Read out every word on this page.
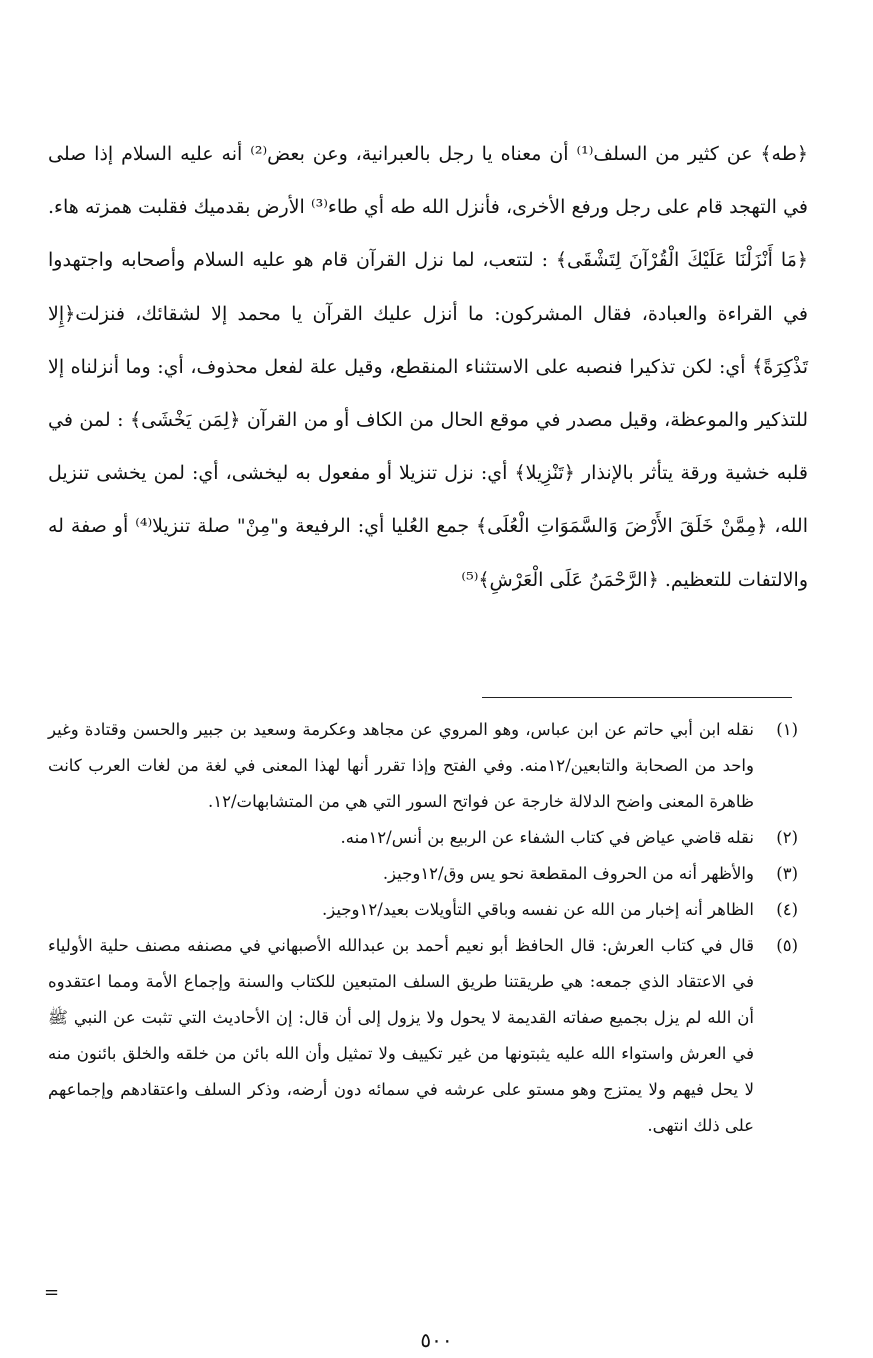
﴿طه﴾ عن كثير من السلف⁽¹⁾ أن معناه يا رجل بالعبرانية، وعن بعض⁽²⁾ أنه عليه السلام إذا صلى في التهجد قام على رجل ورفع الأخرى، فأنزل الله طه أي طاء⁽³⁾ الأرض بقدميك فقلبت همزته هاء. ﴿مَا أَنْزَلْنَا عَلَيْكَ الْقُرْآنَ لِتَشْقَى﴾ : لتتعب، لما نزل القرآن قام هو عليه السلام وأصحابه واجتهدوا في القراءة والعبادة، فقال المشركون: ما أنزل عليك القرآن يا محمد إلا لشقائك، فنزلت﴿إِلا تَذْكِرَةً﴾ أي: لكن تذكيرا فنصبه على الاستثناء المنقطع، وقيل علة لفعل محذوف، أي: وما أنزلناه إلا للتذكير والموعظة، وقيل مصدر في موقع الحال من الكاف أو من القرآن ﴿لِمَن يَخْشَى﴾ : لمن في قلبه خشية ورقة يتأثر بالإنذار ﴿تَنْزِيلا﴾ أي: نزل تنزيلا أو مفعول به ليخشى، أي: لمن يخشى تنزيل الله، ﴿مِمَّنْ خَلَقَ الأَرْضَ وَالسَّمَوَاتِ الْعُلَى﴾ جمع العُليا أي: الرفيعة و"مِنْ" صلة تنزيلا⁽⁴⁾ أو صفة له والالتفات للتعظيم. ﴿الرَّحْمَنُ عَلَى الْعَرْشِ﴾⁽⁵⁾

(١)
نقله ابن أبي حاتم عن ابن عباس، وهو المروي عن مجاهد وعكرمة وسعيد بن جبير والحسن وقتادة وغير واحد من الصحابة والتابعين/١٢منه. وفي الفتح وإذا تقرر أنها لهذا المعنى في لغة من لغات العرب كانت ظاهرة المعنى واضح الدلالة خارجة عن فواتح السور التي هي من المتشابهات/١٢.
(٢)
نقله قاضي عياض في كتاب الشفاء عن الربيع بن أنس/١٢منه.
(٣)
والأظهر أنه من الحروف المقطعة نحو يس وق/١٢وجيز.
(٤)
الظاهر أنه إخبار من الله عن نفسه وباقي التأويلات بعيد/١٢وجيز.
(٥)
قال في كتاب العرش: قال الحافظ أبو نعيم أحمد بن عبدالله الأصبهاني في مصنفه مصنف حلية الأولياء في الاعتقاد الذي جمعه: هي طريقتنا طريق السلف المتبعين للكتاب والسنة وإجماع الأمة ومما اعتقدوه أن الله لم يزل بجميع صفاته القديمة لا يحول ولا يزول إلى أن قال: إن الأحاديث التي تثبت عن النبي ﷺ في العرش واستواء الله عليه يثبتونها من غير تكييف ولا تمثيل وأن الله بائن من خلقه والخلق بائنون منه لا يحل فيهم ولا يمتزج وهو مستو على عرشه في سمائه دون أرضه، وذكر السلف واعتقادهم وإجماعهم على ذلك انتهى.
=
٥٠٠
